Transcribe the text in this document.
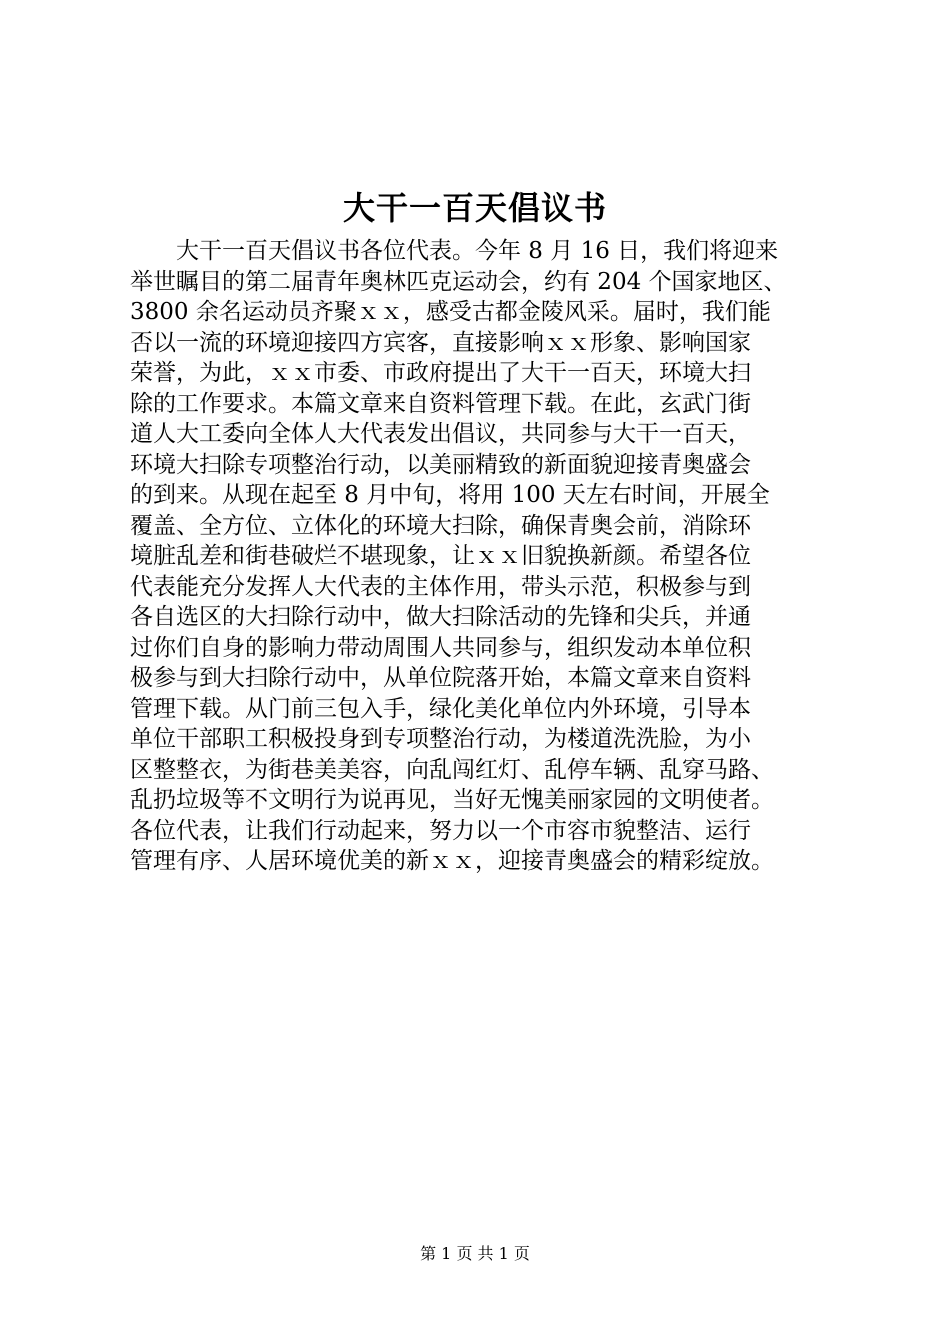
大干一百天倡议书
大干一百天倡议书各位代表。今年 8 月 16 日，我们将迎来
举世瞩目的第二届青年奥林匹克运动会，约有 204 个国家地区、
3800 余名运动员齐聚ｘｘ，感受古都金陵风采。届时，我们能
否以一流的环境迎接四方宾客，直接影响ｘｘ形象、影响国家
荣誉，为此，ｘｘ市委、市政府提出了大干一百天，环境大扫
除的工作要求。本篇文章来自资料管理下载。在此，玄武门街
道人大工委向全体人大代表发出倡议，共同参与大干一百天，
环境大扫除专项整治行动，以美丽精致的新面貌迎接青奥盛会
的到来。从现在起至 8 月中旬，将用 100 天左右时间，开展全
覆盖、全方位、立体化的环境大扫除，确保青奥会前，消除环
境脏乱差和街巷破烂不堪现象，让ｘｘ旧貌换新颜。希望各位
代表能充分发挥人大代表的主体作用，带头示范，积极参与到
各自选区的大扫除行动中，做大扫除活动的先锋和尖兵，并通
过你们自身的影响力带动周围人共同参与，组织发动本单位积
极参与到大扫除行动中，从单位院落开始，本篇文章来自资料
管理下载。从门前三包入手，绿化美化单位内外环境，引导本
单位干部职工积极投身到专项整治行动，为楼道洗洗脸，为小
区整整衣，为街巷美美容，向乱闯红灯、乱停车辆、乱穿马路、
乱扔垃圾等不文明行为说再见，当好无愧美丽家园的文明使者。
各位代表，让我们行动起来，努力以一个市容市貌整洁、运行
管理有序、人居环境优美的新ｘｘ，迎接青奥盛会的精彩绽放。
第 1 页 共 1 页
